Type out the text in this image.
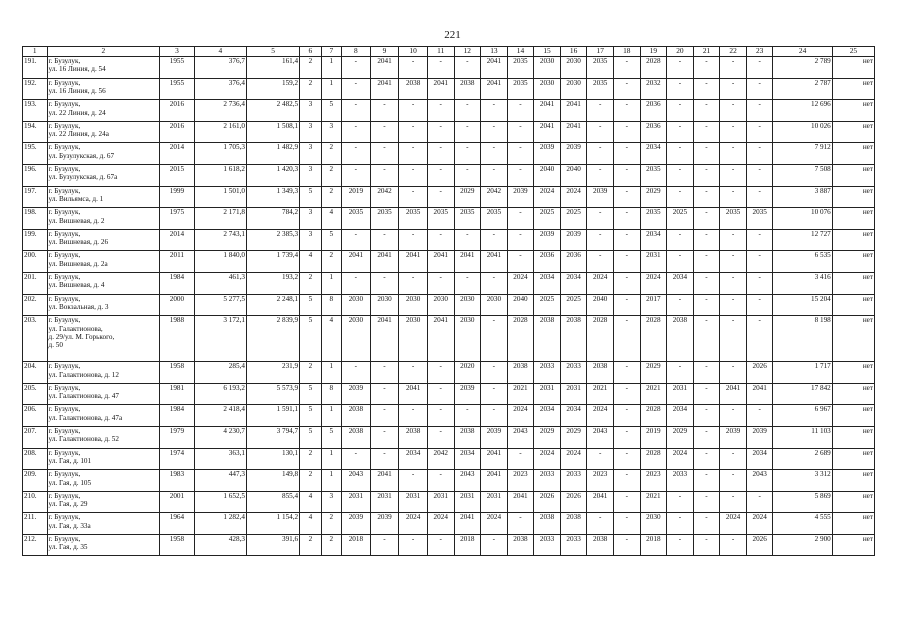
221
1	2	3	4	5	6	7	8	9	10	11	12	13	14	15	16	17	18	19	20	21	22	23	24	25
191.	г. Бузулук,
ул. 16 Линия, д. 54	1955	376,7	161,4	2	1	-	2041	-	-	-	2041	2035	2030	2030	2035	-	2028	-	-	-	-	2 789	нет
192.	г. Бузулук,
ул. 16 Линия, д. 56	1955	376,4	159,2	2	1	-	2041	2038	2041	2038	2041	2035	2030	2030	2035	-	2032	-	-	-	-	2 787	нет
193.	г. Бузулук,
ул. 22 Линия, д. 24	2016	2 736,4	2 482,5	3	5	-	-	-	-	-	-	-	2041	2041	-	-	2036	-	-	-	-	12 696	нет
194.	г. Бузулук,
ул. 22 Линия, д. 24а	2016	2 161,0	1 508,1	3	3	-	-	-	-	-	-	-	2041	2041	-	-	2036	-	-	-	-	10 026	нет
195.	г. Бузулук,
ул. Бузулукская, д. 67	2014	1 705,3	1 482,9	3	2	-	-	-	-	-	-	-	2039	2039	-	-	2034	-	-	-	-	7 912	нет
196.	г. Бузулук,
ул. Бузулукская, д. 67а	2015	1 618,2	1 420,3	3	2	-	-	-	-	-	-	-	2040	2040	-	-	2035	-	-	-	-	7 508	нет
197.	г. Бузулук,
ул. Вильямса, д. 1	1999	1 501,0	1 349,3	5	2	2019	2042	-	-	2029	2042	2039	2024	2024	2039	-	2029	-	-	-	-	3 887	нет
198.	г. Бузулук,
ул. Вишневая, д. 2	1975	2 171,8	784,2	3	4	2035	2035	2035	2035	2035	2035	-	2025	2025	-	-	2035	2025	-	2035	2035	10 076	нет
199.	г. Бузулук,
ул. Вишневая, д. 26	2014	2 743,1	2 385,3	3	5	-	-	-	-	-	-	-	2039	2039	-	-	2034	-	-	-	-	12 727	нет
200.	г. Бузулук,
ул. Вишневая, д. 2а	2011	1 840,0	1 739,4	4	2	2041	2041	2041	2041	2041	2041	-	2036	2036	-	-	2031	-	-	-	-	6 535	нет
201.	г. Бузулук,
ул. Вишневая, д. 4	1984	461,3	193,2	2	1	-	-	-	-	-	-	2024	2034	2034	2024	-	2024	2034	-	-	-	3 416	нет
202.	г. Бузулук,
ул. Вокзальная, д. 3	2000	5 277,5	2 248,1	5	8	2030	2030	2030	2030	2030	2030	2040	2025	2025	2040	-	2017	-	-	-	-	15 204	нет
203.	г. Бузулук,
ул. Галактионова,
д. 29/ул. М. Горького,
д. 50	1988	3 172,1	2 839,9	5	4	2030	2041	2030	2041	2030	-	2028	2038	2038	2028	-	2028	2038	-	-	-	8 198	нет
204.	г. Бузулук,
ул. Галактионова, д. 12	1958	285,4	231,9	2	1	-	-	-	-	2020	-	2038	2033	2033	2038	-	2029	-	-	-	2026	1 717	нет
205.	г. Бузулук,
ул. Галактионова, д. 47	1981	6 193,2	5 573,9	5	8	2039	-	2041	-	2039	-	2021	2031	2031	2021	-	2021	2031	-	2041	2041	17 842	нет
206.	г. Бузулук,
ул. Галактионова, д. 47а	1984	2 418,4	1 591,1	5	1	2038	-	-	-	-	-	2024	2034	2034	2024	-	2028	2034	-	-	-	6 967	нет
207.	г. Бузулук,
ул. Галактионова, д. 52	1979	4 230,7	3 794,7	5	5	2038	-	2038	-	2038	2039	2043	2029	2029	2043	-	2019	2029	-	2039	2039	11 103	нет
208.	г. Бузулук,
ул. Гая, д. 101	1974	363,1	130,1	2	1	-	-	2034	2042	2034	2041	-	2024	2024	-	-	2028	2024	-	-	2034	2 689	нет
209.	г. Бузулук,
ул. Гая, д. 105	1983	447,3	149,8	2	1	2043	2041	-	-	2043	2041	2023	2033	2033	2023	-	2023	2033	-	-	2043	3 312	нет
210.	г. Бузулук,
ул. Гая, д. 29	2001	1 652,5	855,4	4	3	2031	2031	2031	2031	2031	2031	2041	2026	2026	2041	-	2021	-	-	-	-	5 869	нет
211.	г. Бузулук,
ул. Гая, д. 33а	1964	1 282,4	1 154,2	4	2	2039	2039	2024	2024	2041	2024	-	2038	2038	-	-	2030	-	-	2024	2024	4 555	нет
212.	г. Бузулук,
ул. Гая, д. 35	1958	428,3	391,6	2	2	2018	-	-	-	2018	-	2038	2033	2033	2038	-	2018	-	-	-	2026	2 900	нет
